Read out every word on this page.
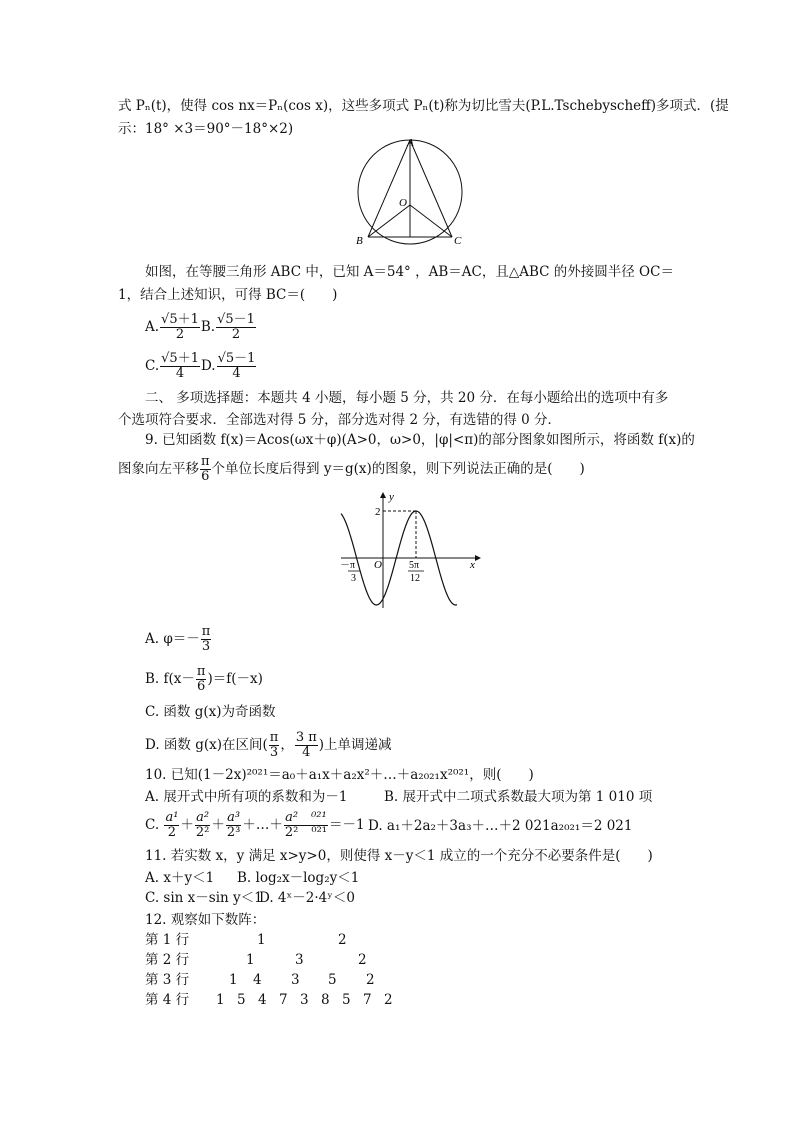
式 Pₙ(t)，使得 cos nx＝Pₙ(cos x)，这些多项式 Pₙ(t)称为切比雪夫(P.L.Tschebyscheff)多项式．(提
示：18° ×3＝90°－18°×2)
A
B	C
O
如图，在等腰三角形 ABC 中，已知 A＝54° ，AB＝AC，且△ABC 的外接圆半径 OC＝
1，结合上述知识，可得 BC＝(　　)
A. $\frac{√5+1}{2} B$. $\frac{√5-1}{2}$
C. $\frac{√5+1}{4} D$. $\frac{√5-1}{4}$
二、 多项选择题：本题共 4 小题，每小题 5 分，共 20 分．在每小题给出的选项中有多
个选项符合要求．全部选对得 5 分，部分选对得 2 分，有选错的得 0 分．
9. 已知函数 f(x)＝Acos(ωx＋φ)(A>0，ω>0，|φ|<π)的部分图象如图所示，将函数 f(x)的
图象向左平移 $\frac{\pi}{6}$ 个单位长度后得到 y＝g(x)的图象，则下列说法正确的是(　　)
y
x
O
2
－π
3
5π
12
A. $\varphi=- \frac{\pi}{3}$
B. $f(x- \frac{\pi}{6} )=f(-x)$
C. 函数 g(x)为奇函数
D. 函数 g(x)在区间( $\frac{\pi}{3}$ ， $\frac{3 \pi}{4}$ )上单调递减
10. 已知(1－2x)²⁰²¹＝a₀＋a₁x＋a₂x²＋…＋a₂₀₂₁x²⁰²¹，则(　　)
A. 展开式中所有项的系数和为－1	B. 展开式中二项式系数最大项为第 1 010 项
C. $\frac{\text{a¹}}{2} + \frac{\text{a²}}{\text{2²}} + \frac{\text{a³}}{\text{2³}}$ ＋…＋ $\frac{\text{a²　⁰²¹}}{\text{2²　⁰²¹}} =-1$ D. a₁＋2a₂＋3a₃＋…＋2 021a₂₀₂₁＝2 021
11. 若实数 x，y 满足 x>y>0，则使得 x－y＜1 成立的一个充分不必要条件是(　　)
A. x＋y＜1 B. log₂x－log₂y＜1
C. sin x－sin y＜1
D. 4ˣ－2·4ʸ＜0
12. 观察如下数阵：
第 1 行	1	2
第 2 行	1	3	2
第 3 行	1 4 3 5 2
第 4 行 1 5 4 7 3 8 5 7 2
